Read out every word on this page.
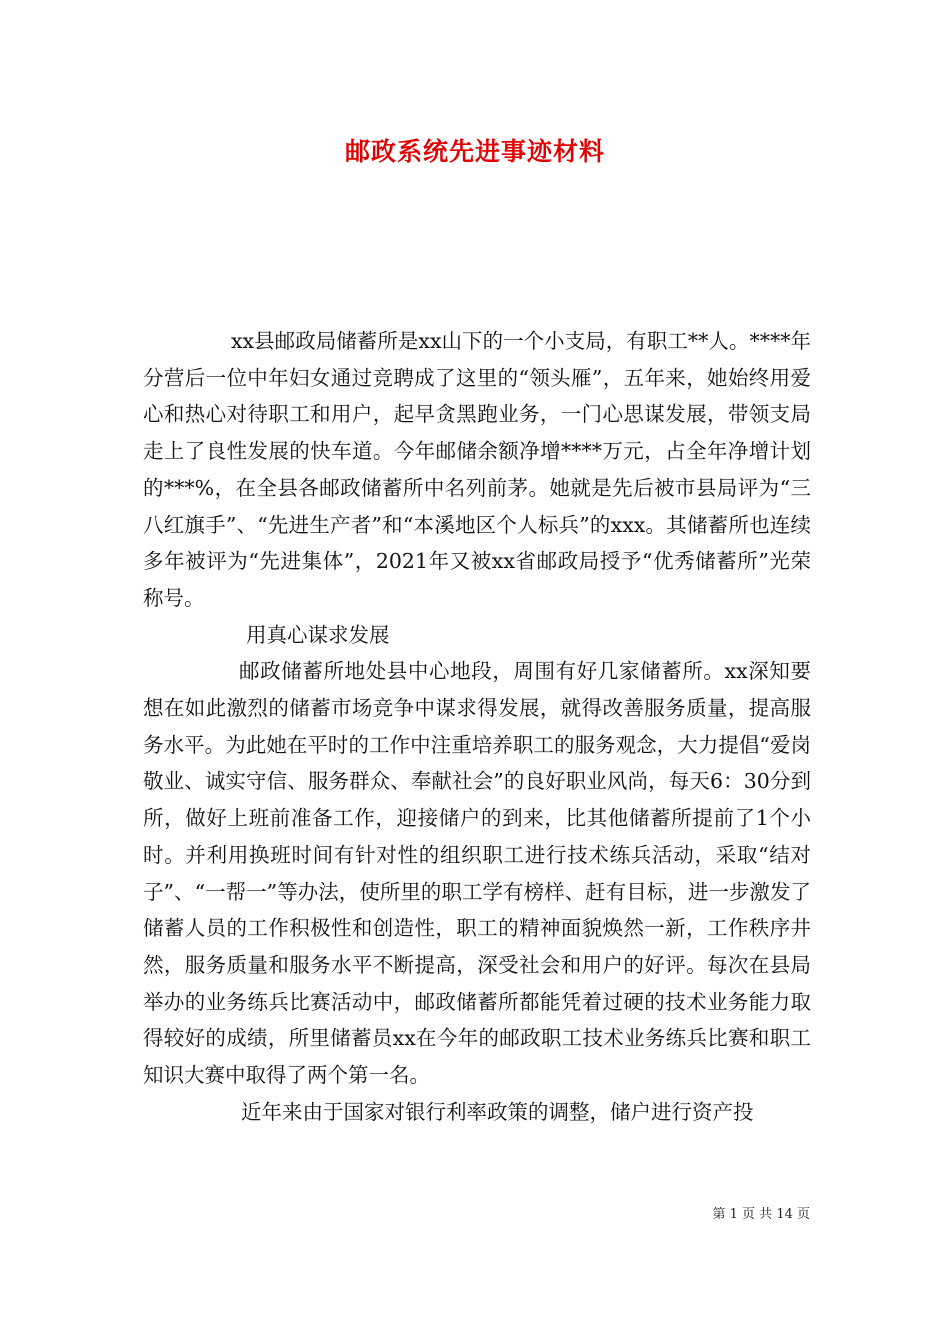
邮政系统先进事迹材料

xx县邮政局储蓄所是xx山下的一个小支局，有职工**人。****年分营后一位中年妇女通过竞聘成了这里的“领头雁”，五年来，她始终用爱心和热心对待职工和用户，起早贪黑跑业务，一门心思谋发展，带领支局走上了良性发展的快车道。今年邮储余额净增****万元，占全年净增计划的***%，在全县各邮政储蓄所中名列前茅。她就是先后被市县局评为“三八红旗手”、“先进生产者”和“本溪地区个人标兵”的xxx。其储蓄所也连续多年被评为“先进集体”，2021年又被xx省邮政局授予“优秀储蓄所”光荣称号。

用真心谋求发展

邮政储蓄所地处县中心地段，周围有好几家储蓄所。xx深知要想在如此激烈的储蓄市场竞争中谋求得发展，就得改善服务质量，提高服务水平。为此她在平时的工作中注重培养职工的服务观念，大力提倡“爱岗敬业、诚实守信、服务群众、奉献社会”的良好职业风尚，每天6：30分到所，做好上班前准备工作，迎接储户的到来，比其他储蓄所提前了1个小时。并利用换班时间有针对性的组织职工进行技术练兵活动，采取“结对子”、“一帮一”等办法，使所里的职工学有榜样、赶有目标，进一步激发了储蓄人员的工作积极性和创造性，职工的精神面貌焕然一新，工作秩序井然，服务质量和服务水平不断提高，深受社会和用户的好评。每次在县局举办的业务练兵比赛活动中，邮政储蓄所都能凭着过硬的技术业务能力取得较好的成绩，所里储蓄员xx在今年的邮政职工技术业务练兵比赛和职工知识大赛中取得了两个第一名。

近年来由于国家对银行利率政策的调整，储户进行资产投

第 1 页 共 14 页
